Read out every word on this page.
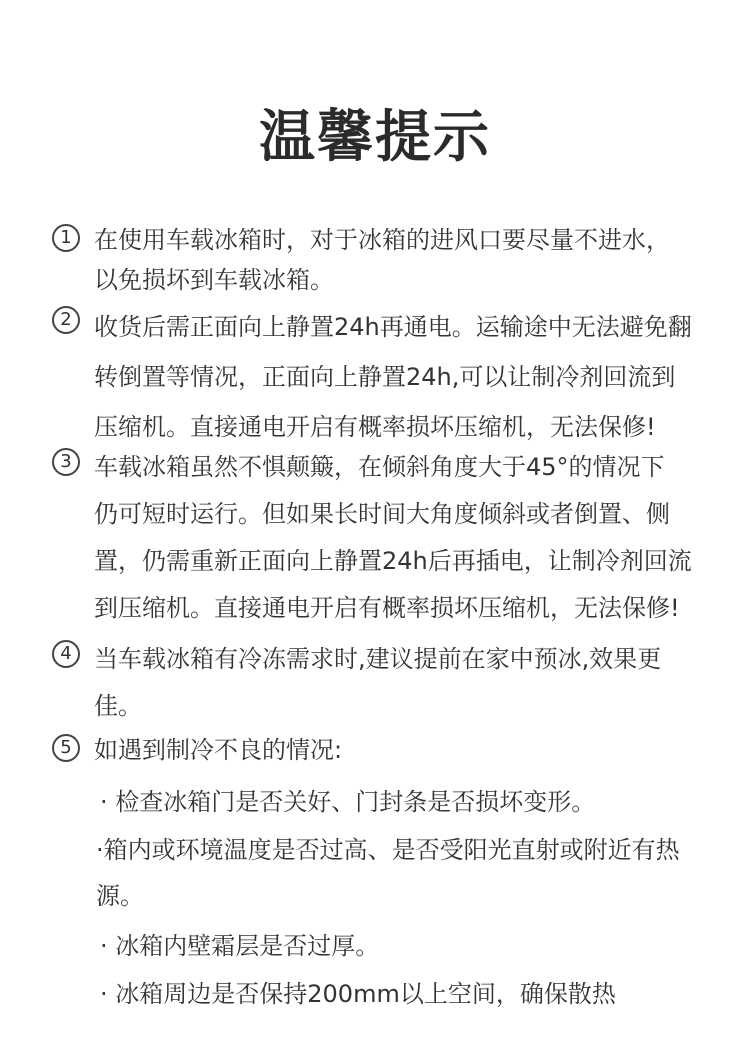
温馨提示
1 在使用车载冰箱时，对于冰箱的进风口要尽量不进水，
以免损坏到车载冰箱。
2 收货后需正面向上静置24h再通电。运输途中无法避免翻
转倒置等情况，正面向上静置24h,可以让制冷剂回流到
压缩机。直接通电开启有概率损坏压缩机，无法保修!
3 车载冰箱虽然不惧颠簸，在倾斜角度大于45°的情况下
仍可短时运行。但如果长时间大角度倾斜或者倒置、侧
置，仍需重新正面向上静置24h后再插电，让制冷剂回流
到压缩机。直接通电开启有概率损坏压缩机，无法保修!
4 当车载冰箱有冷冻需求时,建议提前在家中预冰,效果更
佳。
5 如遇到制冷不良的情况:
· 检查冰箱门是否关好、门封条是否损坏变形。
·箱内或环境温度是否过高、是否受阳光直射或附近有热
源。
· 冰箱内壁霜层是否过厚。
· 冰箱周边是否保持200mm以上空间，确保散热
